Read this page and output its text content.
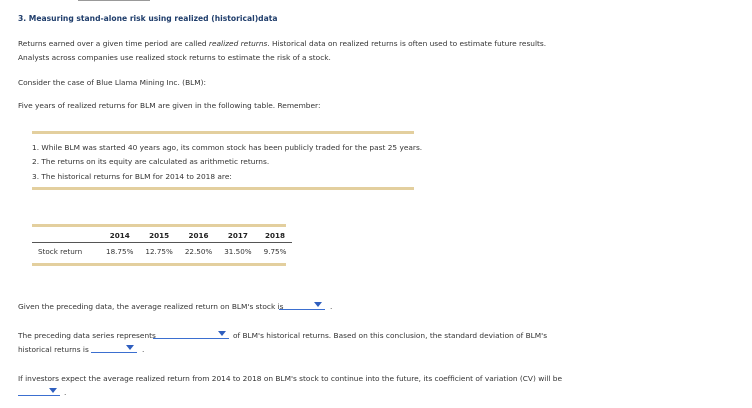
3. Measuring stand-alone risk using realized (historical)data
Returns earned over a given time period are called realized returns. Historical data on realized returns is often used to estimate future results.
Analysts across companies use realized stock returns to estimate the risk of a stock.
Consider the case of Blue Llama Mining Inc. (BLM):
Five years of realized returns for BLM are given in the following table. Remember:
1. While BLM was started 40 years ago, its common stock has been publicly traded for the past 25 years.
2. The returns on its equity are calculated as arithmetic returns.
3. The historical returns for BLM for 2014 to 2018 are:
	2014	2015	2016	2017	2018
Stock return	18.75%	12.75%	22.50%	31.50%	9.75%
Given the preceding data, the average realized return on BLM's stock is	.
The preceding data series represents	of BLM's historical returns. Based on this conclusion, the standard deviation of BLM's
historical returns is	.
If investors expect the average realized return from 2014 to 2018 on BLM's stock to continue into the future, its coefficient of variation (CV) will be
.
